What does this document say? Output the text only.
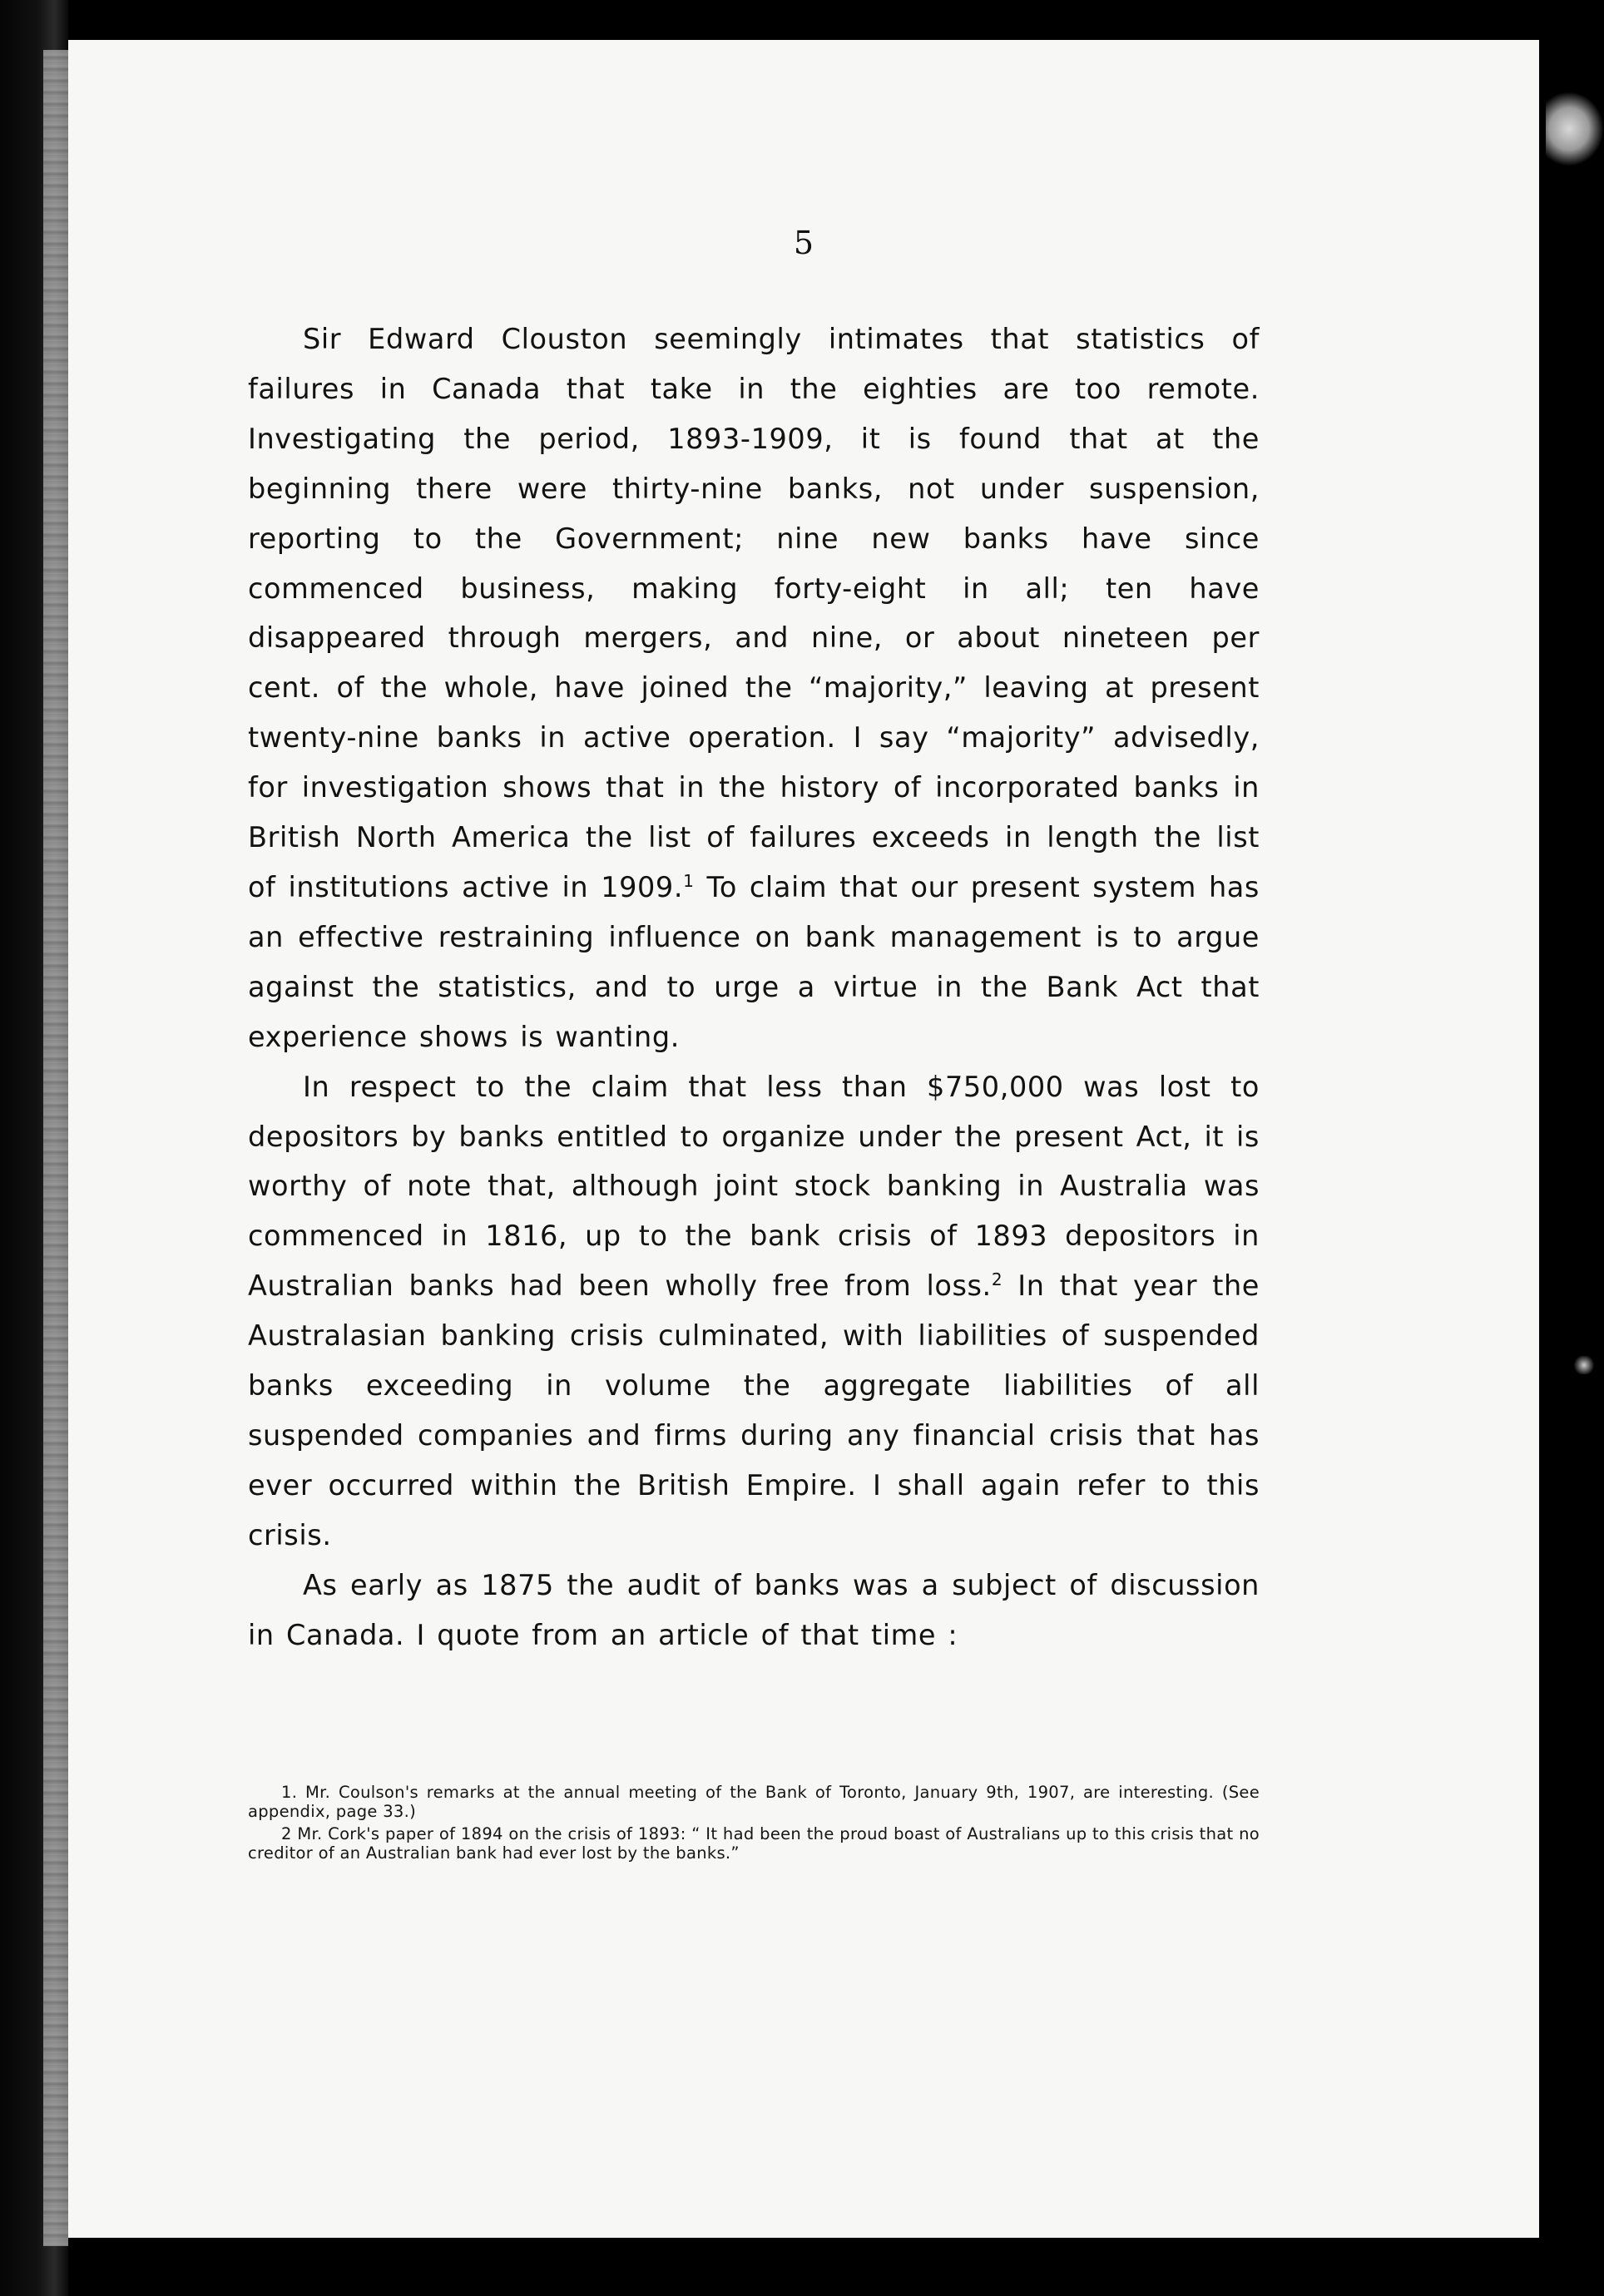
5

Sir Edward Clouston seemingly intimates that statistics of failures in Canada that take in the eighties are too remote. Investigating the period, 1893-1909, it is found that at the beginning there were thirty-nine banks, not under suspension, reporting to the Government; nine new banks have since commenced business, making forty-eight in all; ten have disappeared through mergers, and nine, or about nineteen per cent. of the whole, have joined the “majority,” leaving at present twenty-nine banks in active operation. I say “majority” advisedly, for investigation shows that in the history of incorporated banks in British North America the list of failures exceeds in length the list of institutions active in 1909.$^1$ To claim that our present system has an effective restraining influence on bank management is to argue against the statistics, and to urge a virtue in the Bank Act that experience shows is wanting.

In respect to the claim that less than $750,000 was lost to depositors by banks entitled to organize under the present Act, it is worthy of note that, although joint stock banking in Australia was commenced in 1816, up to the bank crisis of 1893 depositors in Australian banks had been wholly free from loss.$^2$ In that year the Australasian banking crisis culminated, with liabilities of suspended banks exceeding in volume the aggregate liabilities of all suspended companies and firms during any financial crisis that has ever occurred within the British Empire. I shall again refer to this crisis.

As early as 1875 the audit of banks was a subject of discussion in Canada. I quote from an article of that time :

1. Mr. Coulson's remarks at the annual meeting of the Bank of Toronto, January 9th, 1907, are interesting. (See appendix, page 33.)

2 Mr. Cork's paper of 1894 on the crisis of 1893: “ It had been the proud boast of Australians up to this crisis that no creditor of an Australian bank had ever lost by the banks.”
